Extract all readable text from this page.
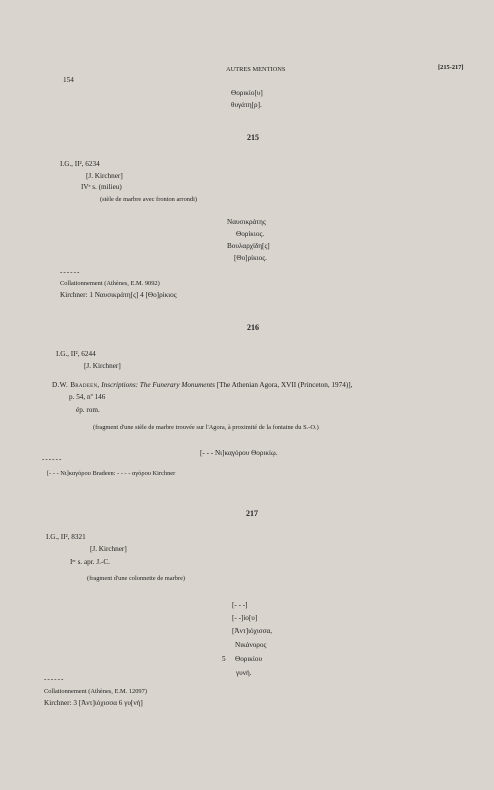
154
AUTRES MENTIONS	[215-217]
Θορικίο[υ]
θυγάτη[ρ].
215
I.G., II², 6234
[J. Kirchner]
IVᵉ s. (milieu)
(stèle de marbre avec fronton arrondi)
Ναυσικράτης
Θορίκιος.
Βουλαρχίδη[ς]
[Θο]ρίκιος.
------
Collationnement (Athènes, E.M. 9092)
Kirchner: 1 Ναυσικράτη[ς] 4 [Θο]ρίκιος
216
I.G., II², 6244
[J. Kirchner]
D.W. Bradeen, Inscriptions: The Funerary Monuments [The Athenian Agora, XVII (Princeton, 1974)],
p. 54, nº 146
ép. rom.
(fragment d'une stèle de marbre trouvée sur l'Agora, à proximité de la fontaine du S.-O.)
[- - - Νι]κα̣γόρου Θορικίῳ.
------
[- - - Νι]καγόρου Bradeen: - - - - αγόρου Kirchner
217
I.G., II², 8321
[J. Kirchner]
Iᵉʳ s. apr. J.-C.
(fragment d'une colonnette de marbre)
[- - -]
[- -]ίο[υ]
[Ἀντ]ιόχισσα,
Νικάνορος
5 Θορικίου
γυνή.
------
Collationnement (Athènes, E.M. 12097)
Kirchner: 3 [Ἀντ]ιόχισσα 6 γυ[νή]
